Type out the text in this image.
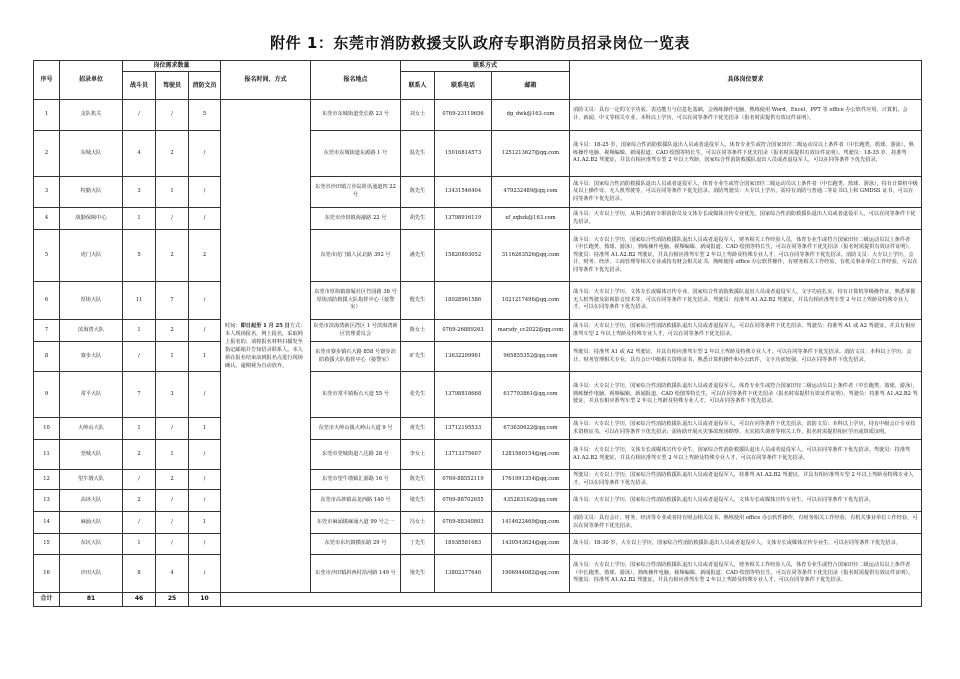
附件 1：东莞市消防救援支队政府专职消防员招录岗位一览表
序号	招录单位	岗位需求数量			报名时间、方式	报名地点	联系方式			具体岗位要求
		战斗员	驾驶员	消防文员			联系人	联系电话	邮箱	
1	支队机关	/	/	5	时间：即日起至 1 月 25 日方式：本人现场报名，网上报名，采取网上报名的，请将报名材料扫描发至指定邮箱并告知招录联系人。本人须在报名结束前到报名点进行现场确认，逾期视为自动放弃。	东莞市东城街道莞长路 23 号	刘女士	0769-23119656	dg_dwk@163.com	消防文员：具有一定的文字功底、表达能力与信息化基础，会熟练操作电脑，熟练使用 Word、Excel、PPT 等 office 办公软件应用。计算机、会计、新闻、中文等相关专业、本科以上学历，可以在同等条件下优先招录（报名时需提供有效证件证明）。
2	东城大队	4	2	/		东莞市东城街道东源路 1 号	温先生	15016814573	1251213627@qq.com	战斗员：18-25 岁，国家综合性消防救援队退出人员或者退役军人，体育专业生或符合国家田径二级运动员以上条件者（中长跑类、篮球、游泳），熟练操作电脑、视频编辑、新闻报道、CAD 绘图等特长生，可以在同等条件下优先招录（报名时需提供有效证件证明）。驾驶员：18-35 岁，持准驾 A1.A2.B2 驾驶证，并具有相应准驾车型 2 年以上驾龄，国家综合性消防救援队退出人员或者退役军人，可以在同等条件下优先招录。
3	特勤大队	3	1	/		东莞市沙田镇立沙岛阶讯通道四 22 号	陈先生	13431546404	479232489@qq.com	战斗员：国家综合性消防救援队退出人员或者退役军人，体育专业生或符合国家田径二级运动员以上条件者（中长跑类、篮球、游泳），持有计算机中级及以上操作证、无人机驾驶等，可以在同等条件下优先招录。消防驾驶员：大专以上学历，需持有消防与普通二等证书以上和 GMDSS 证书，可以在同等条件下优先招录。
4	战勤保障中心	1	/	/		东莞市沙田镇海濠路 22 号	胡先生	13798916119	xf_zqbzk@163.com	战斗员：大专以上学历，从事过政府专职消防员及文体专长或媒体宣传专业优先，国家综合性消防救援队退出人员或者退役军人，可以在同等条件下优先招录。
5	虎门大队	5	2	2		东莞市虎门镇人民北路 392 号	潘先生	15820893052	3116263526@qq.com	战斗员：大专以上学历，国家综合性消防救援队退出人员或者退役军人，财务相关工作经验人员，体育专业生或符合国家田径二级运动员以上条件者（中长跑类、篮球、游泳），熟练操作电脑、视频编辑、新闻报道、CAD 绘图等特长生，可以在同等条件下优先招录（报名时需提供有效证件证明）。驾驶员：持准驾 A1.A2.B2 驾驶证，并具有相应准驾车型 2 年以上驾龄及特殊专业人才，可以在同等条件下优先招录。消防文员：大专以上学历，会计、财务、经济、工商管理等相关专业或持有财会相关证书，熟练使用 office 办公软件操作，有财务相关工作经验，有机关事业单位工作经验，可以在同等条件下优先招录。
6	厚街大队	11	7	/		东莞市厚街镇寮厦社区竹园路 38 号厚街消防救援大队指挥中心（接警室）	殷先生	18028961586	1021217496@qq.com	战斗员：大专以上学历，文体专长或媒体宣传专业、国家综合性消防救援队退出人员或者退役军人，文字功底扎实，持有计算机等级操作证，熟悉掌握无人机驾驶及影视影音技术等，可以在同等条件下优先招录。驾驶员：持准驾 A1.A2.B2 驾驶证，并具有相应准驾车型 2 年以上驾龄及特殊专业人才，可以在同等条件下优先招录。
7	滨海湾大队	1	2	/		东莞市滨海湾新区湾区 1 号滨海湾新区管理委员会	陈女士	0769-26889263	marsdy_cc2022@qq.com	战斗员：大专以上学历，国家综合性消防救援队退出人员或者退役军人，可以在同等条件下优先招录。驾驶员：持准驾 A1 或 A2 驾驶证，并具有相应准驾车型 2 年以上驾龄及特殊专业人才，可以在同等条件下优先招录。
8	寮步大队	/	1	1		东莞市寮步镇石大路 858 号寮步消防救援大队指挥中心（接警室）	旷先生	13632299961	965855352@qq.com	驾驶员：持准驾 A1 或 A2 驾驶证，并具有相应准驾车型 2 年以上驾龄及特殊专业人才，可以在同等条件下优先招录。消防文员：本科以上学历，会计、财务管理相关专业，具有会计中级相关资格证书，熟悉计算机操作和办公软件，文字功底较强，可以在同等条件下优先招录。
9	常平大队	7	3	/		东莞市常平镇板石大道 55 号	张先生	13798818668	617793861@qq.com	战斗员：大专以上学历，国家综合性消防救援队退出人员或者退役军人，体育专业生或符合国家田径二级运动员以上条件者（中长跑类、篮球、游泳），熟练操作电脑、视频编辑、新闻报道、CAD 绘图等特长生，可以在同等条件下优先招录（报名时需提供有效证件证明）。驾驶员：持准驾 A1.A2.B2 驾驶证，并具有相应准驾车型 2 年以上驾龄及特殊专业人才，可以在同等条件下优先招录。
10	大岭山大队	1	/	1		东莞市大岭山镇大岭山大道 9 号	黄先生	13712195533	673639622@qq.com	战斗员：大专以上学历，国家综合性消防救援队退出人员或者退役军人，可以在同等条件下优先招录。消防文员：本科以上学历，持有中级会计专业技术资格证书，可以在同等条件下优先招录；需协助开展火灾事故现场勘察、火灾损失调查等相关工作，报名时需提供相应学历或资质证明。
11	莞城大队	2	1	/		东莞市莞城街道八达路 28 号	李女士	13713375607	1281560154@qq.com	战斗员：大专以上学历，文体专长或媒体宣传专业生，国家综合性消防救援队退出人员或者退役军人，可以在同等条件下优先招录。驾驶员：持准驾 A1.A2.B2 驾驶证，并具有相应准驾车型 2 年以上驾龄及特殊专业人才，可以在同等条件下优先招录。
12	望牛墩大队	/	2	/		东莞市望牛墩镇汇源路 16 号	陈先生	0769-88552119	1761991354@qq.com	驾驶员：大专以上学历，国家综合性消防救援队退出人员或者退役军人，持准驾 A1.A2.B2 驾驶证，并具有相应准驾车型 2 年以上驾龄及特殊专业人才，可以在同等条件下优先招录。
13	高埗大队	2	/	/		东莞市高埗镇高龙西路 140 号	梁先生	0769-88702655	435283162@qq.com	战斗员：大专以上学历，国家综合性消防救援队退出人员或者退役军人，文体专长或媒体宣传专业生，可以在同等条件下优先招录。
14	麻涌大队	/	/	1		东莞市麻涌镇麻涌大道 99 号之一	冯女士	0769-88340803	1414622469@qq.com	消防文员：具有会计、财务、经济等专业或者持有财会相关证书，熟练使用 office 办公软件操作，有财务相关工作经验，有机关事业单位工作经验，可以在同等条件下优先招录。
15	东坑大队	1	/	/		东莞市东坑镇横东路 29 号	丁先生	18938581683	1430543624@qq.com	战斗员：18-30 岁，大专以上学历，国家综合性消防救援队退出人员或者退役军人，文体专长或媒体宣传专业生，可以在同等条件下优先招录。
16	沙田大队	8	4	/		东莞市沙田镇斜西村沿河路 149 号	梁先生	13802377646	1906944082@qq.com	战斗员：大专以上学历，国家综合性消防救援队退出人员或者退役军人，财务相关工作经验人员，体育专业生或符合国家田径二级运动员以上条件者（中长跑类、篮球、游泳），熟练操作电脑、视频编辑、新闻报道、CAD 绘图等特长生，可以在同等条件下优先招录（报名时需提供有效证件证明）。驾驶员：持准驾 A1.A2.B2 驾驶证，并具有相应准驾车型 2 年以上驾龄及特殊专业人才，可以在同等条件下优先招录。
合计	81	46	25	10						
